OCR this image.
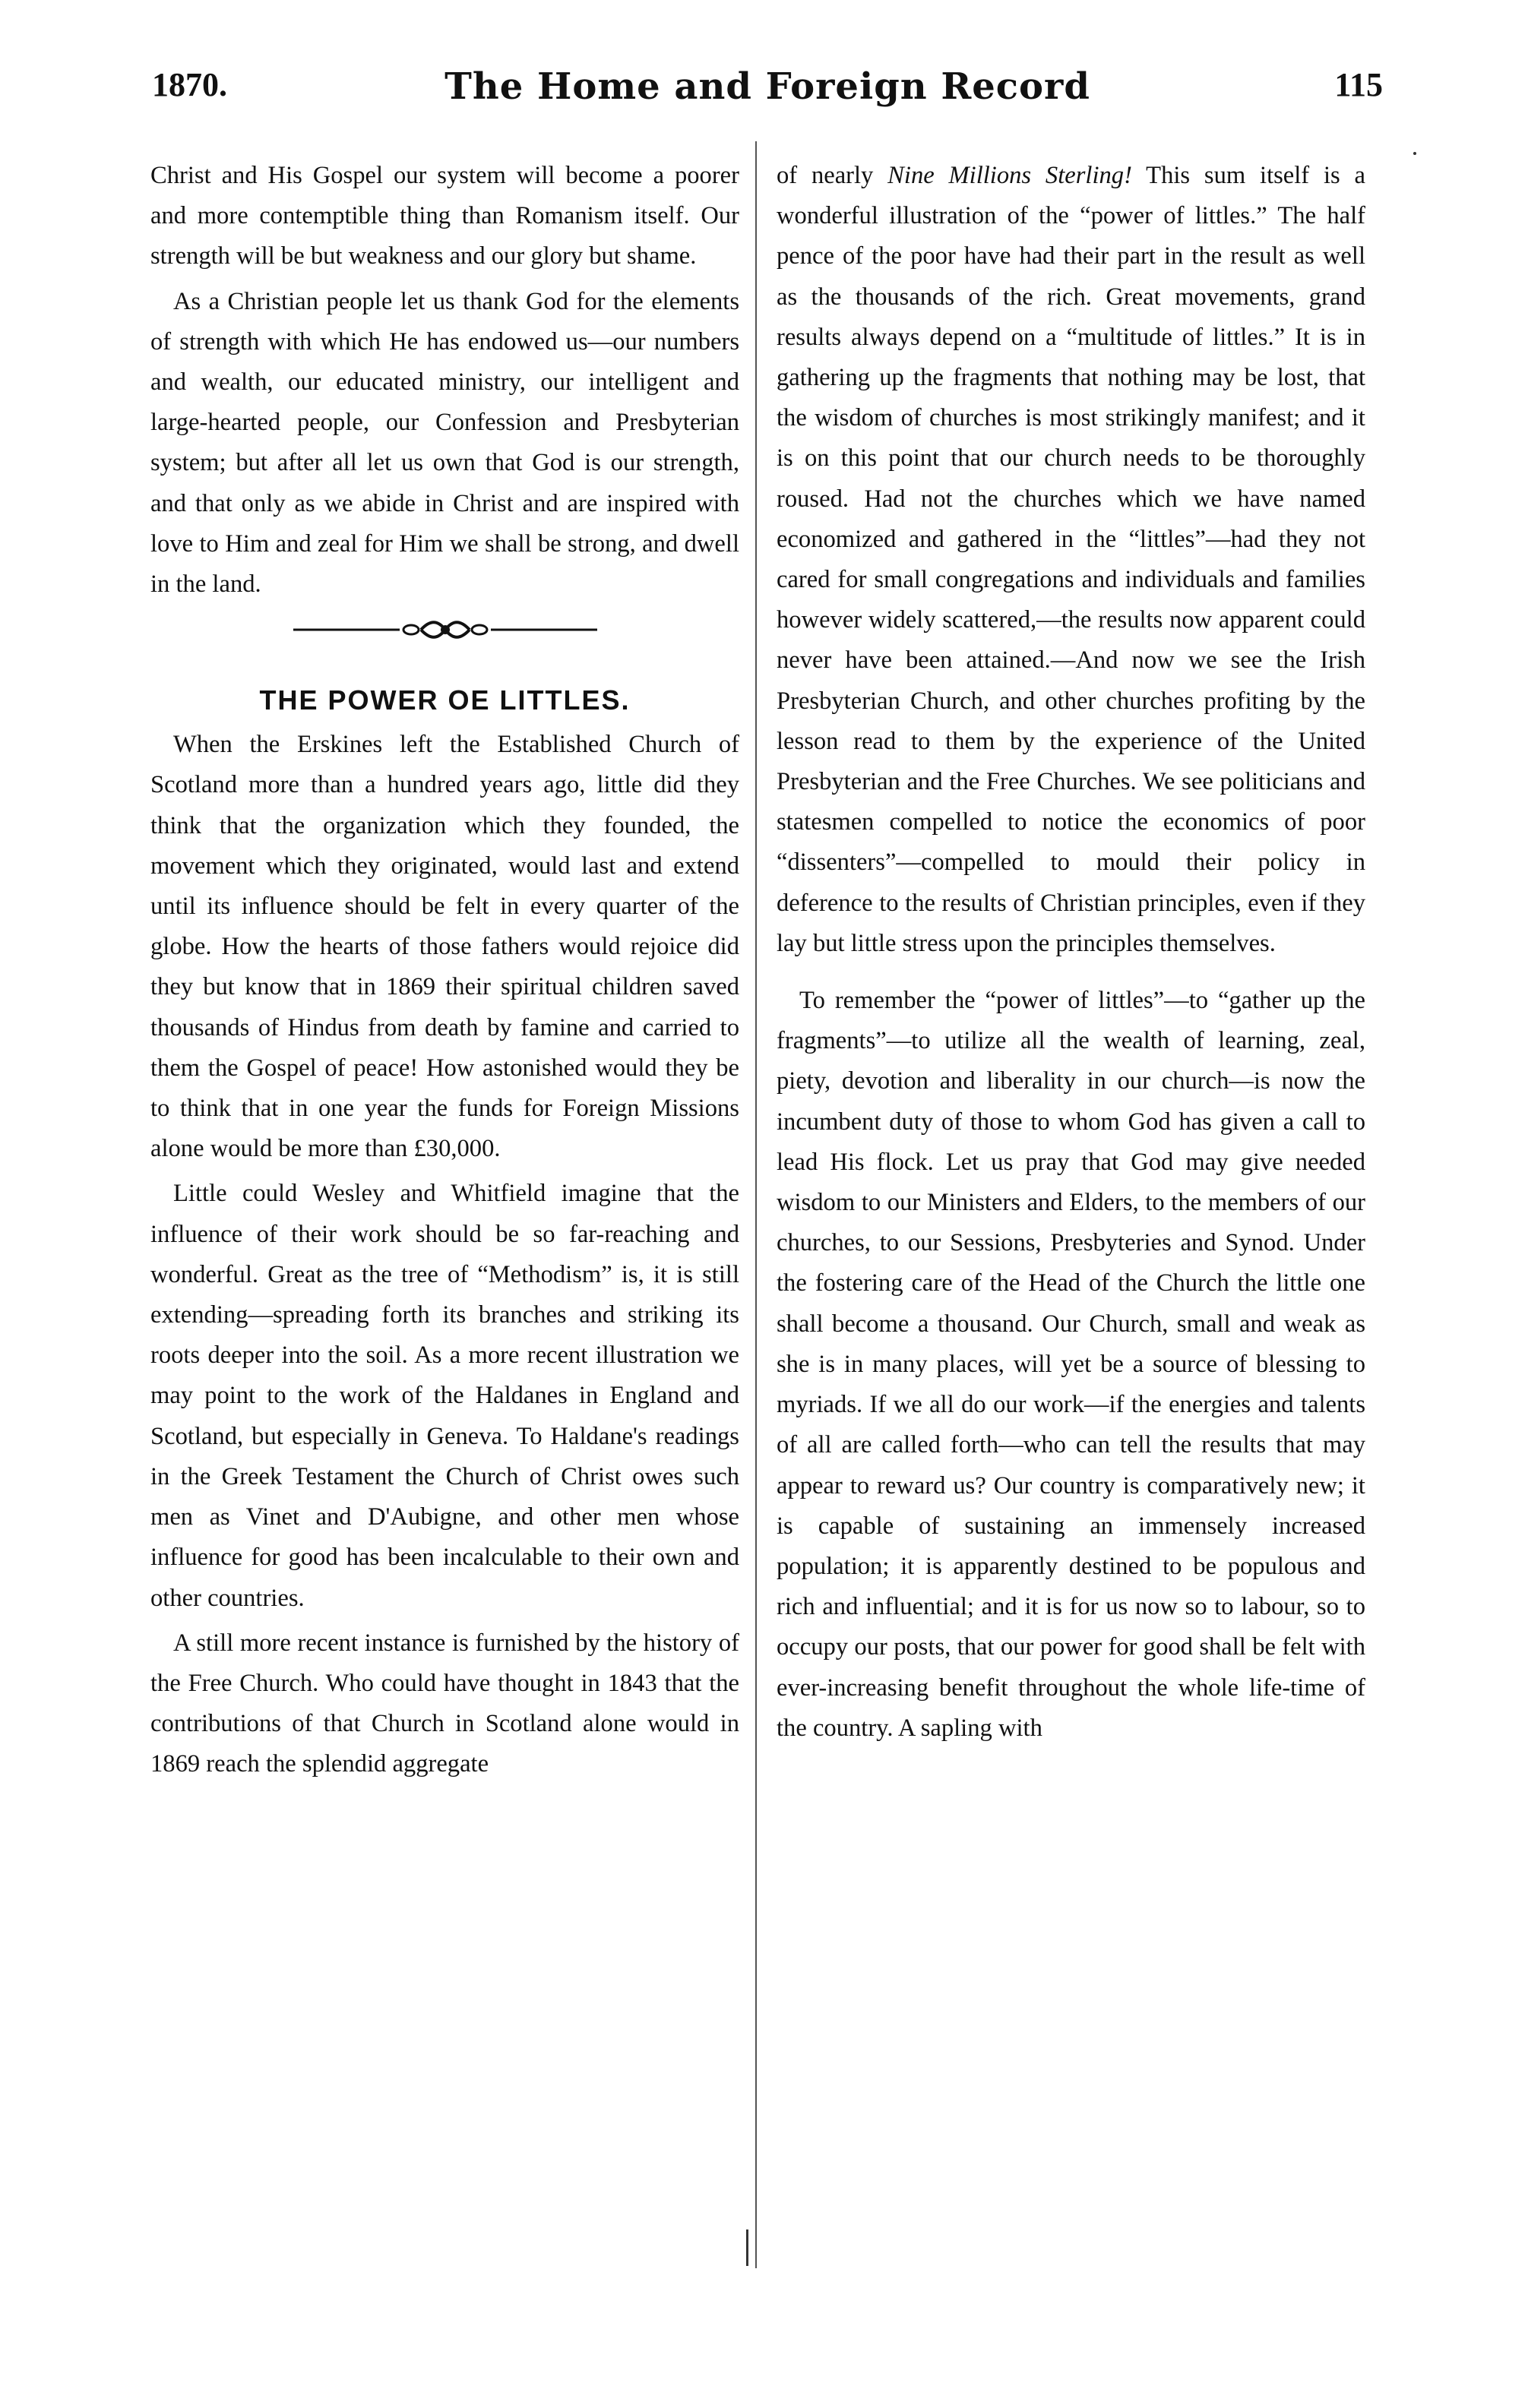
1870.	The Home and Foreign Record	115

Christ and His Gospel our system will become a poorer and more contemptible thing than Romanism itself. Our strength will be but weakness and our glory but shame.

As a Christian people let us thank God for the elements of strength with which He has endowed us—our numbers and wealth, our educated ministry, our intelligent and large-hearted people, our Confession and Presbyterian system; but after all let us own that God is our strength, and that only as we abide in Christ and are inspired with love to Him and zeal for Him we shall be strong, and dwell in the land.

THE POWER OE LITTLES.

When the Erskines left the Established Church of Scotland more than a hundred years ago, little did they think that the organization which they founded, the movement which they originated, would last and extend until its influence should be felt in every quarter of the globe. How the hearts of those fathers would rejoice did they but know that in 1869 their spiritual children saved thousands of Hindus from death by famine and carried to them the Gospel of peace! How astonished would they be to think that in one year the funds for Foreign Missions alone would be more than £30,000.

Little could Wesley and Whitfield imagine that the influence of their work should be so far-reaching and wonderful. Great as the tree of “Methodism” is, it is still extending—spreading forth its branches and striking its roots deeper into the soil. As a more recent illustration we may point to the work of the Haldanes in England and Scotland, but especially in Geneva. To Haldane's readings in the Greek Testament the Church of Christ owes such men as Vinet and D'Aubigne, and other men whose influence for good has been incalculable to their own and other countries.

A still more recent instance is furnished by the history of the Free Church. Who could have thought in 1843 that the contributions of that Church in Scotland alone would in 1869 reach the splendid aggregate

of nearly Nine Millions Sterling! This sum itself is a wonderful illustration of the “power of littles.” The half pence of the poor have had their part in the result as well as the thousands of the rich. Great movements, grand results always depend on a “multitude of littles.” It is in gathering up the fragments that nothing may be lost, that the wisdom of churches is most strikingly manifest; and it is on this point that our church needs to be thoroughly roused. Had not the churches which we have named economized and gathered in the “littles”—had they not cared for small congregations and individuals and families however widely scattered,—the results now apparent could never have been attained.—And now we see the Irish Presbyterian Church, and other churches profiting by the lesson read to them by the experience of the United Presbyterian and the Free Churches. We see politicians and statesmen compelled to notice the economics of poor “dissenters”—compelled to mould their policy in deference to the results of Christian principles, even if they lay but little stress upon the principles themselves.

To remember the “power of littles”—to “gather up the fragments”—to utilize all the wealth of learning, zeal, piety, devotion and liberality in our church—is now the incumbent duty of those to whom God has given a call to lead His flock. Let us pray that God may give needed wisdom to our Ministers and Elders, to the members of our churches, to our Sessions, Presbyteries and Synod. Under the fostering care of the Head of the Church the little one shall become a thousand. Our Church, small and weak as she is in many places, will yet be a source of blessing to myriads. If we all do our work—if the energies and talents of all are called forth—who can tell the results that may appear to reward us? Our country is comparatively new; it is capable of sustaining an immensely increased population; it is apparently destined to be populous and rich and influential; and it is for us now so to labour, so to occupy our posts, that our power for good shall be felt with ever-increasing benefit throughout the whole life-time of the country. A sapling with
